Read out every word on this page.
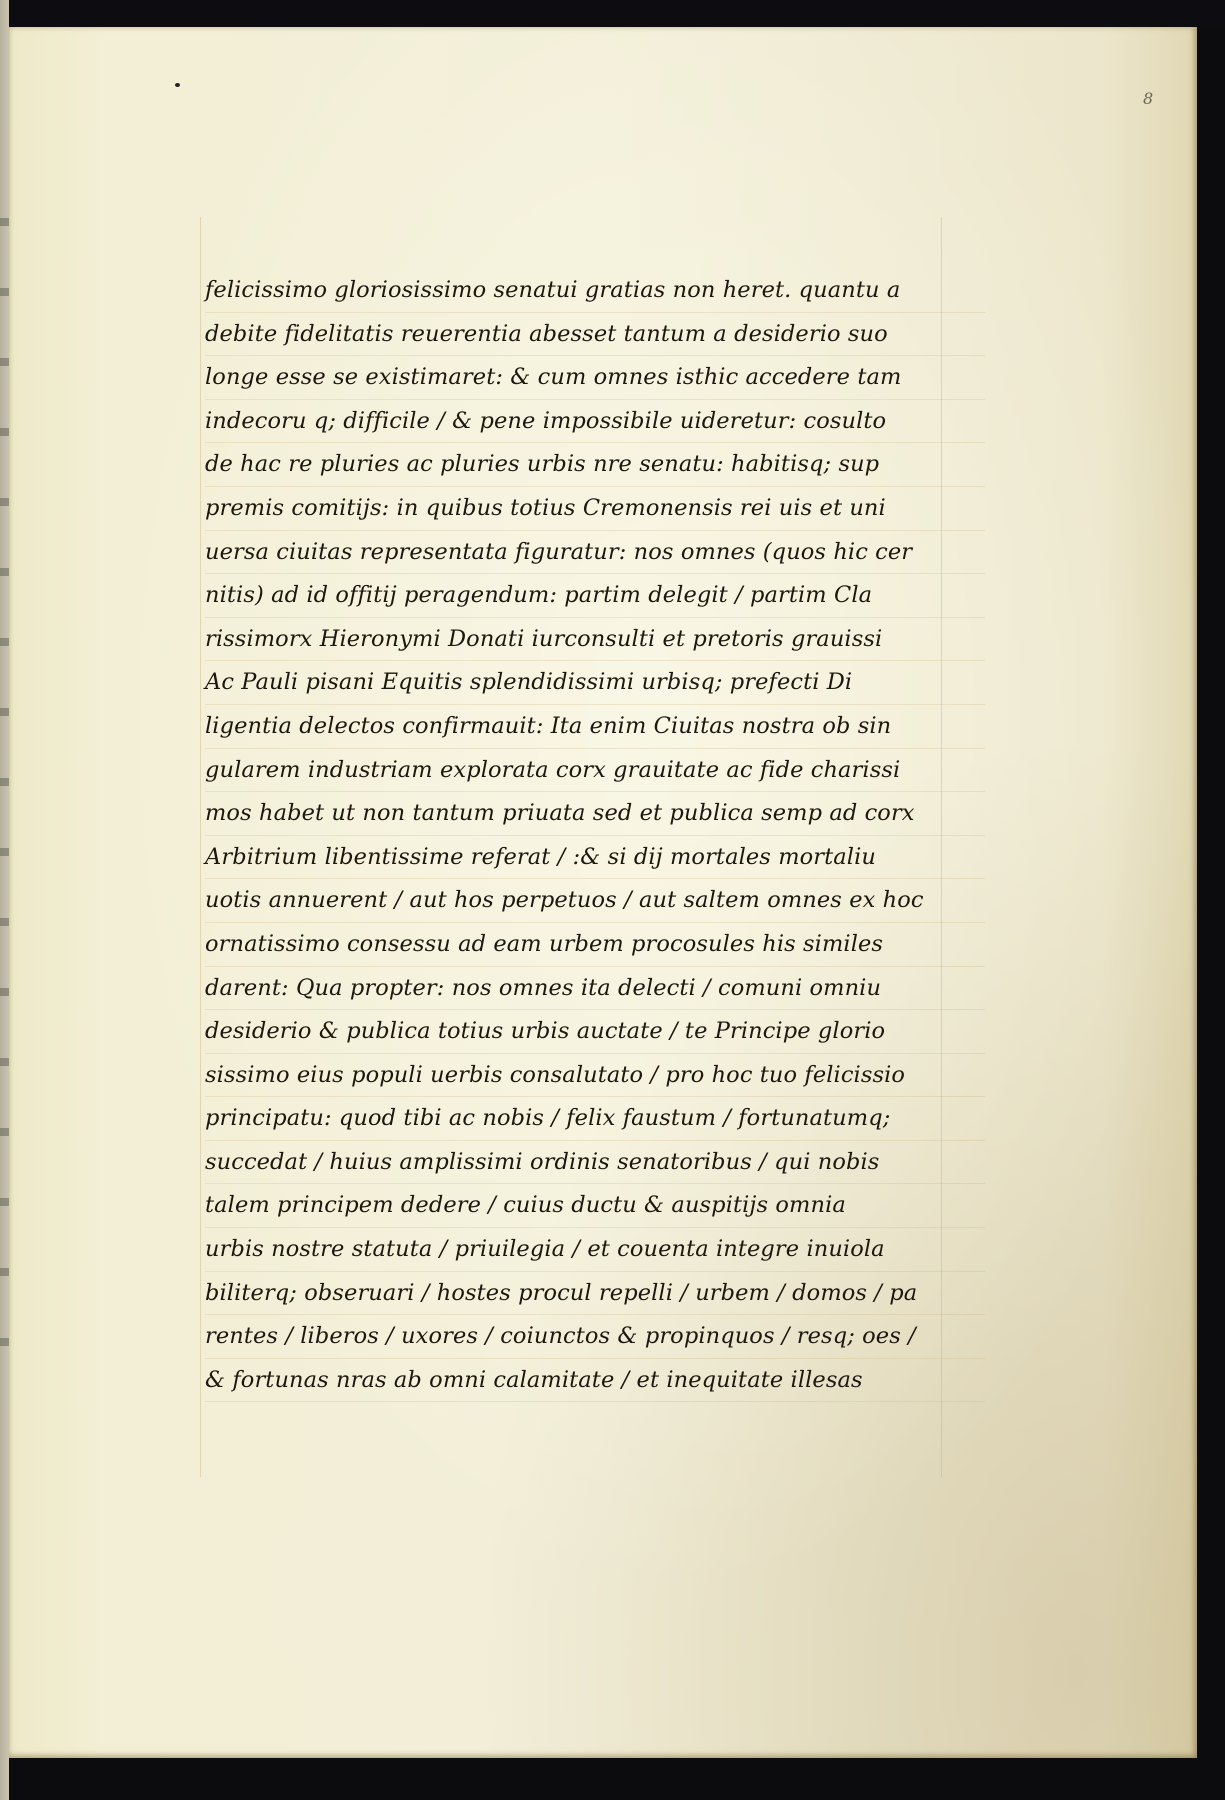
8
felicissimo gloriosissimo senatui gratias non heret. quantu a
debite fidelitatis reuerentia abesset tantum a desiderio suo
longe esse se existimaret: & cum omnes isthic accedere tam
indecoru q; difficile / & pene impossibile uideretur: cosulto
de hac re pluries ac pluries urbis nre senatu: habitisq; sup
premis comitijs: in quibus totius Cremonensis rei uis et uni
uersa ciuitas representata figuratur: nos omnes (quos hic cer
nitis) ad id offitij peragendum: partim delegit / partim Cla
rissimorx Hieronymi Donati iurconsulti et pretoris grauissi
Ac Pauli pisani Equitis splendidissimi urbisq; prefecti Di
ligentia delectos confirmauit: Ita enim Ciuitas nostra ob sin
gularem industriam explorata corx grauitate ac fide charissi
mos habet ut non tantum priuata sed et publica semp ad corx
Arbitrium libentissime referat / :& si dij mortales mortaliu
uotis annuerent / aut hos perpetuos / aut saltem omnes ex hoc
ornatissimo consessu ad eam urbem procosules his similes
darent: Qua propter: nos omnes ita delecti / comuni omniu
desiderio & publica totius urbis auctate / te Principe glorio
sissimo eius populi uerbis consalutato / pro hoc tuo felicissio
principatu: quod tibi ac nobis / felix faustum / fortunatumq;
succedat / huius amplissimi ordinis senatoribus / qui nobis
talem principem dedere / cuius ductu & auspitijs omnia
urbis nostre statuta / priuilegia / et couenta integre inuiola
biliterq; obseruari / hostes procul repelli / urbem / domos / pa
rentes / liberos / uxores / coiunctos & propinquos / resq; oes /
& fortunas nras ab omni calamitate / et inequitate illesas
